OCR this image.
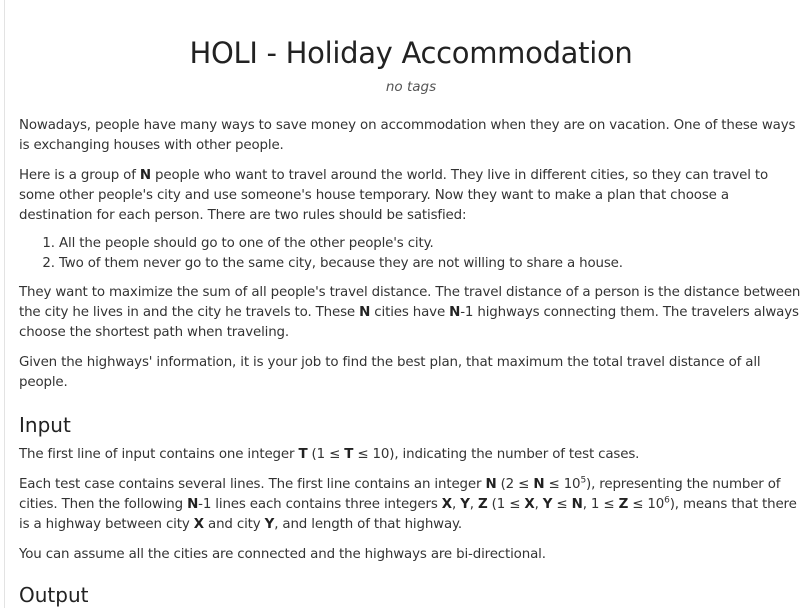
HOLI - Holiday Accommodation
no tags

Nowadays, people have many ways to save money on accommodation when they are on vacation. One of these ways is exchanging houses with other people.

Here is a group of N people who want to travel around the world. They live in different cities, so they can travel to some other people's city and use someone's house temporary. Now they want to make a plan that choose a destination for each person. There are two rules should be satisfied:

1. All the people should go to one of the other people's city.
2. Two of them never go to the same city, because they are not willing to share a house.

They want to maximize the sum of all people's travel distance. The travel distance of a person is the distance between the city he lives in and the city he travels to. These N cities have N-1 highways connecting them. The travelers always choose the shortest path when traveling.

Given the highways' information, it is your job to find the best plan, that maximum the total travel distance of all people.

Input

The first line of input contains one integer T (1 ≤ T ≤ 10), indicating the number of test cases.

Each test case contains several lines. The first line contains an integer N $(2 \le N \le 10^5)$, representing the number of cities. Then the following N-1 lines each contains three integers X, Y, Z (1 ≤ X, Y ≤ N, $1 \le Z \le 10^6$), means that there is a highway between city X and city Y, and length of that highway.

You can assume all the cities are connected and the highways are bi-directional.

Output
